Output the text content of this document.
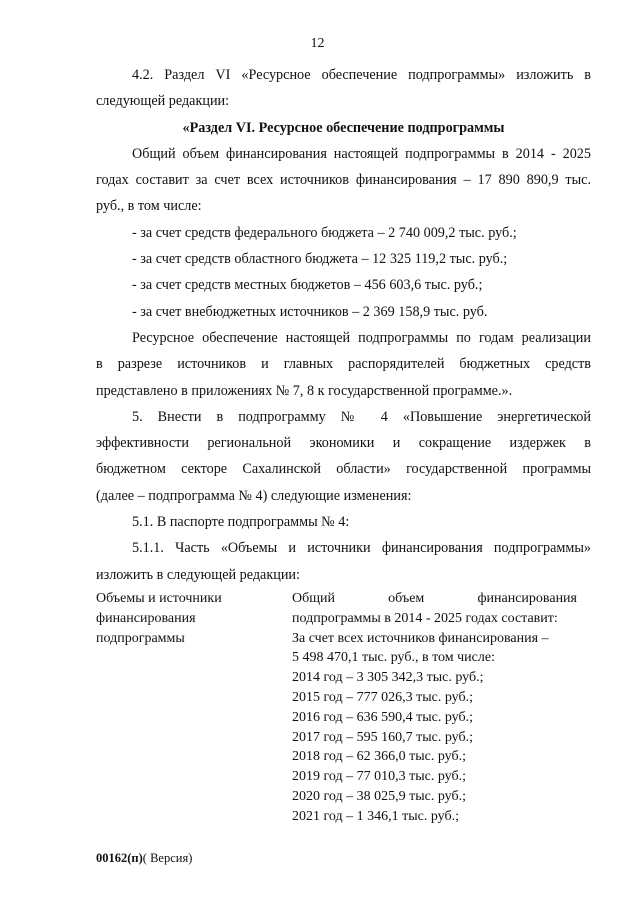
12

4.2. Раздел VI «Ресурсное обеспечение подпрограммы» изложить в

следующей редакции:

«Раздел VI. Ресурсное обеспечение подпрограммы

Общий объем финансирования настоящей подпрограммы в 2014 - 2025

годах составит за счет всех источников финансирования – 17 890 890,9 тыс.

руб., в том числе:

- за счет средств федерального бюджета – 2 740 009,2 тыс. руб.;

- за счет средств областного бюджета – 12 325 119,2 тыс. руб.;

- за счет средств местных бюджетов – 456 603,6 тыс. руб.;

- за счет внебюджетных источников – 2 369 158,9 тыс. руб.

Ресурсное обеспечение настоящей подпрограммы по годам реализации

в разрезе источников и главных распорядителей бюджетных средств

представлено в приложениях № 7, 8 к государственной программе.».

5. Внести в подпрограмму № 4 «Повышение энергетической

эффективности региональной экономики и сокращение издержек в

бюджетном секторе Сахалинской области» государственной программы

(далее – подпрограмма № 4) следующие изменения:

5.1. В паспорте подпрограммы № 4:

5.1.1. Часть «Объемы и источники финансирования подпрограммы»

изложить в следующей редакции:

Объемы и источники
финансирования
подпрограммы
Общий объем финансирования
подпрограммы в 2014 - 2025 годах составит:
За счет всех источников финансирования –
5 498 470,1 тыс. руб., в том числе:
2014 год – 3 305 342,3 тыс. руб.;
2015 год – 777 026,3 тыс. руб.;
2016 год – 636 590,4 тыс. руб.;
2017 год – 595 160,7 тыс. руб.;
2018 год – 62 366,0 тыс. руб.;
2019 год – 77 010,3 тыс. руб.;
2020 год – 38 025,9 тыс. руб.;
2021 год – 1 346,1 тыс. руб.;
00162(п)( Версия)
